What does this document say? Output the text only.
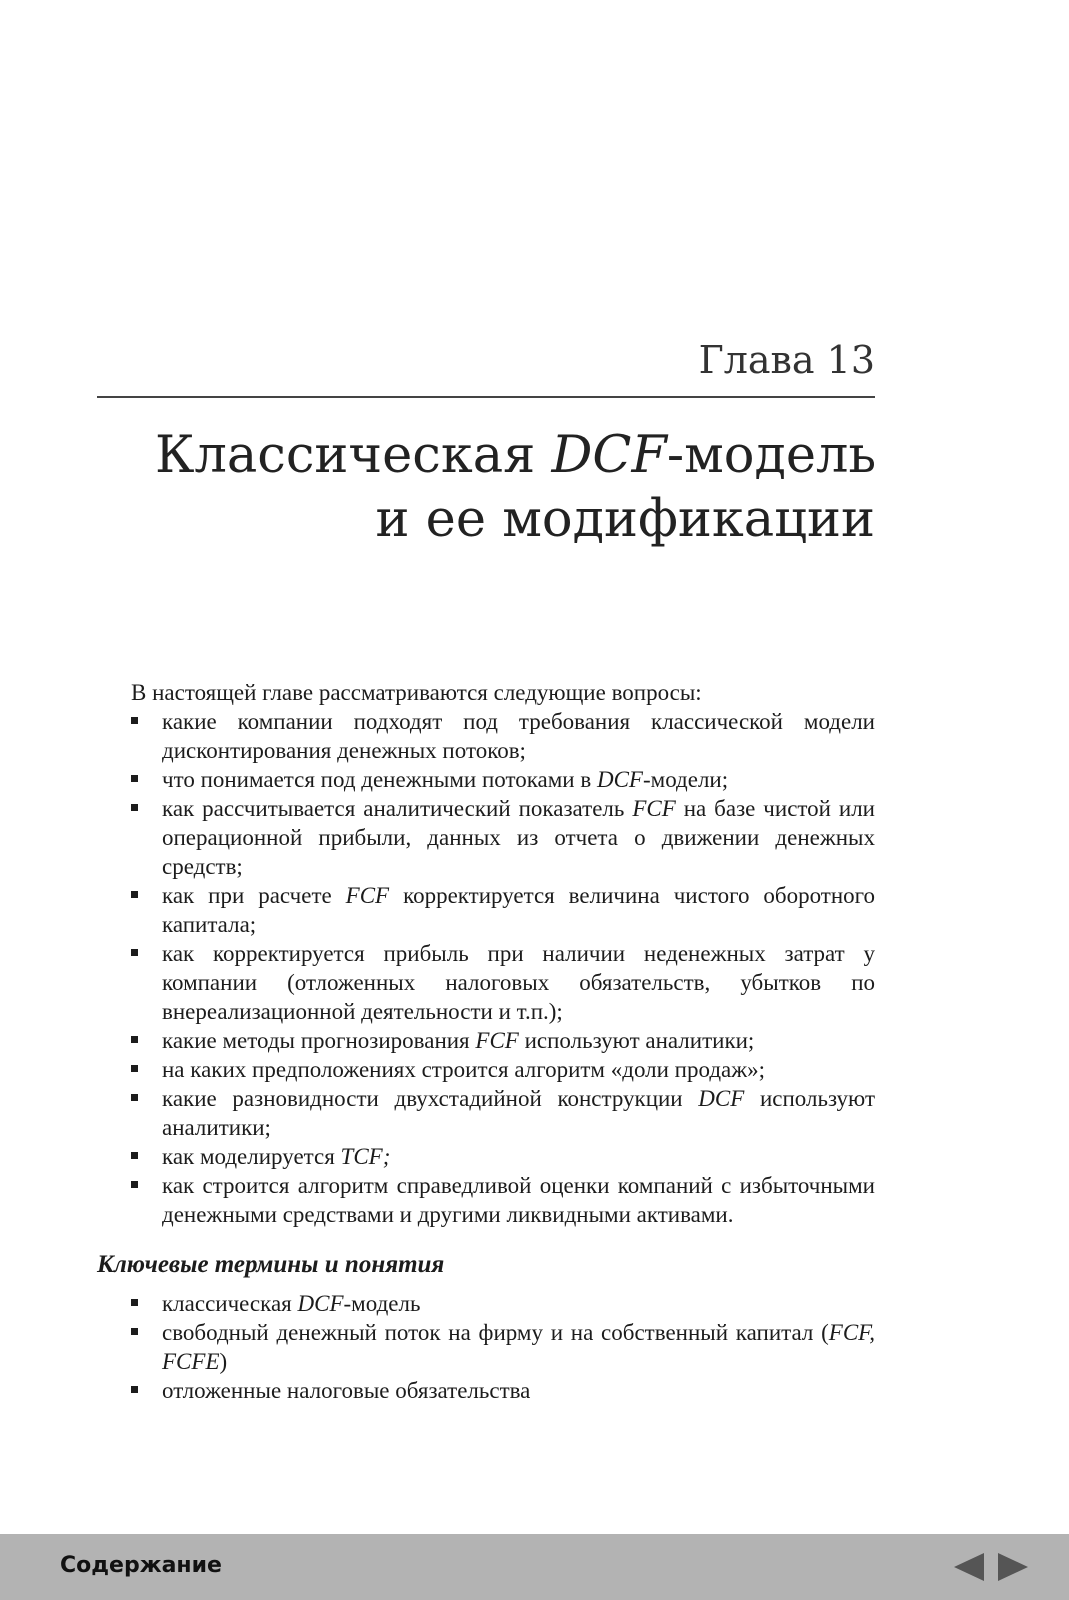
Глава 13
Классическая DCF-модель
и ее модификации

В настоящей главе рассматриваются следующие вопросы:

какие компании подходят под требования классической модели дисконтирования денежных потоков;
что понимается под денежными потоками в DCF-модели;
как рассчитывается аналитический показатель FCF на базе чистой или операционной прибыли, данных из отчета о движении денежных средств;
как при расчете FCF корректируется величина чистого оборотного капитала;
как корректируется прибыль при наличии неденежных затрат у компании (отложенных налоговых обязательств, убытков по внереализационной деятельности и т.п.);
какие методы прогнозирования FCF используют аналитики;
на каких предположениях строится алгоритм «доли продаж»;
какие разновидности двухстадийной конструкции DCF используют аналитики;
как моделируется TCF;
как строится алгоритм справедливой оценки компаний с избыточными денежными средствами и другими ликвидными активами.
Ключевые термины и понятия
классическая DCF-модель
свободный денежный поток на фирму и на собственный капитал (FCF, FCFE)
отложенные налоговые обязательства
Содержание
